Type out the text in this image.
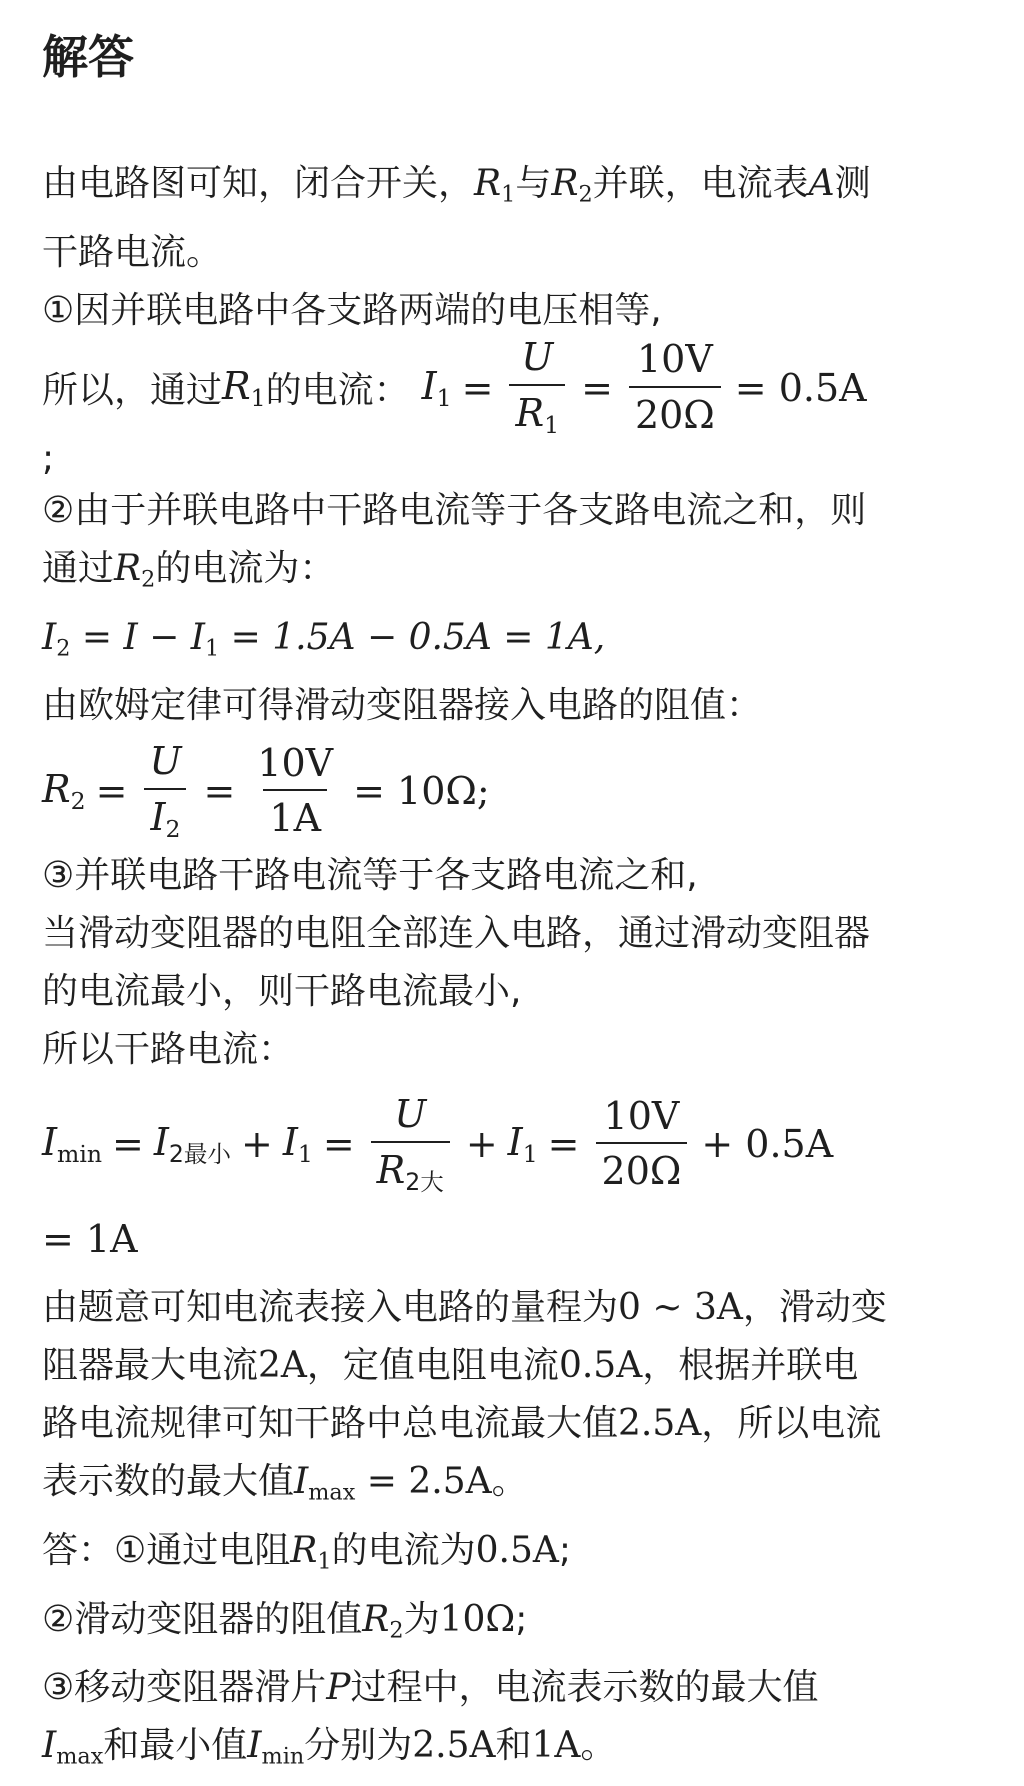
解答
由电路图可知，闭合开关，$R_1$与$R_2$并联，电流表A测
干路电流。
①因并联电路中各支路两端的电压相等,
所以，通过 $R_1$ 的电流： $I_1 = \frac{U}{R_1} = \frac{10V}{20\Omega} = 0.5A$
;
②由于并联电路中干路电流等于各支路电流之和，则
通过$R_2$的电流为：
$I_2 = I - I_1 = 1.5A - 0.5A = 1A$,
由欧姆定律可得滑动变阻器接入电路的阻值：
$R_2 = \frac{U}{I_2} = \frac{10V}{1A} = 10\Omega$;
③并联电路干路电流等于各支路电流之和,
当滑动变阻器的电阻全部连入电路，通过滑动变阻器
的电流最小，则干路电流最小,
所以干路电流：
$I_{min} = I_{2最小} + I_1 = \frac{U}{R_{2大}} + I_1 = \frac{10V}{20\Omega} + 0.5A$
= 1A
由题意可知电流表接入电路的量程为0 ∼ 3A，滑动变
阻器最大电流2A，定值电阻电流0.5A，根据并联电
路电流规律可知干路中总电流最大值2.5A，所以电流
表示数的最大值$I_{max} = 2.5A$。
答：①通过电阻$R_1$的电流为0.5A;
②滑动变阻器的阻值$R_2$为10Ω;
③移动变阻器滑片P过程中，电流表示数的最大值
$I_{max}$和最小值$I_{min}$分别为2.5A和1A。
